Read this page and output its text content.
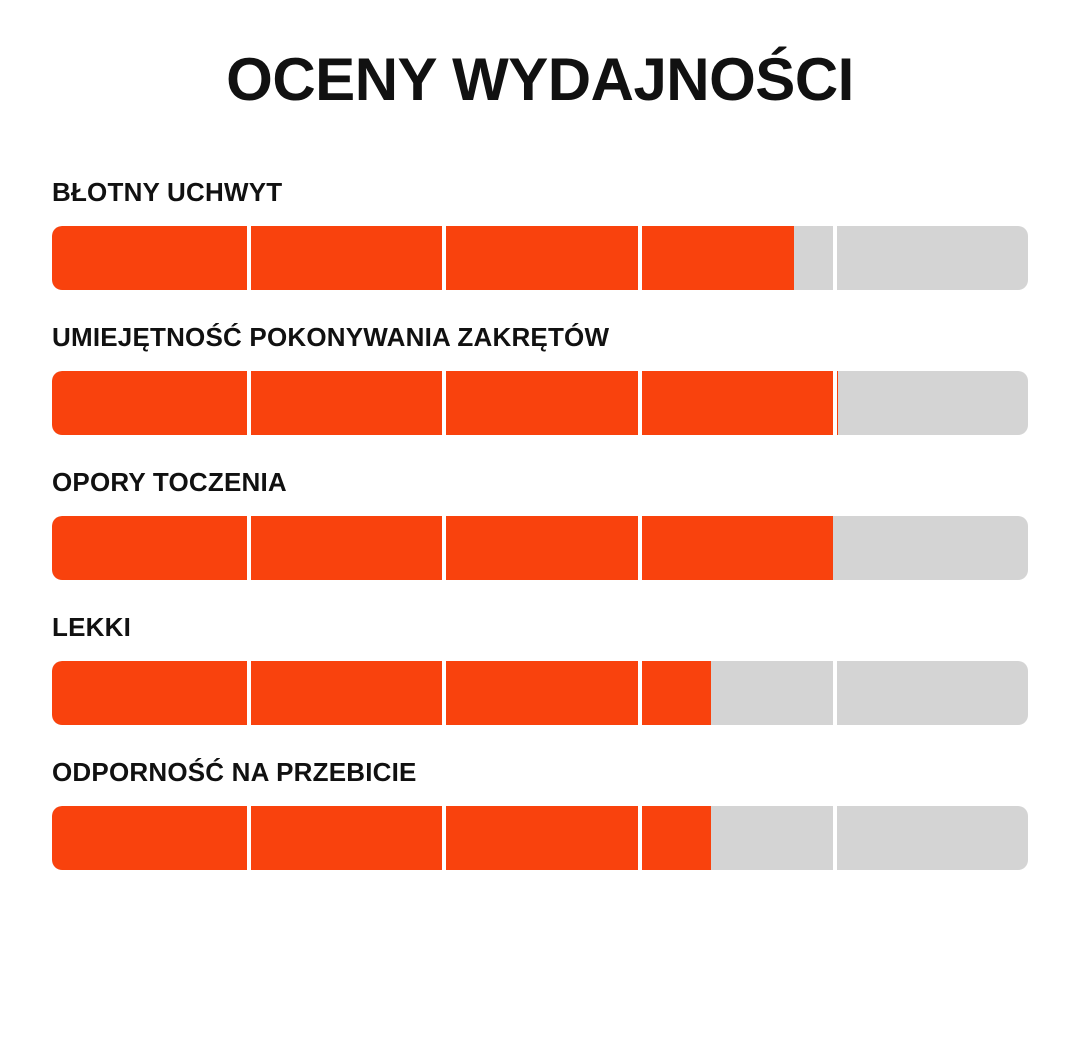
OCENY WYDAJNOŚCI
BŁOTNY UCHWYT
UMIEJĘTNOŚĆ POKONYWANIA ZAKRĘTÓW
OPORY TOCZENIA
LEKKI
ODPORNOŚĆ NA PRZEBICIE
